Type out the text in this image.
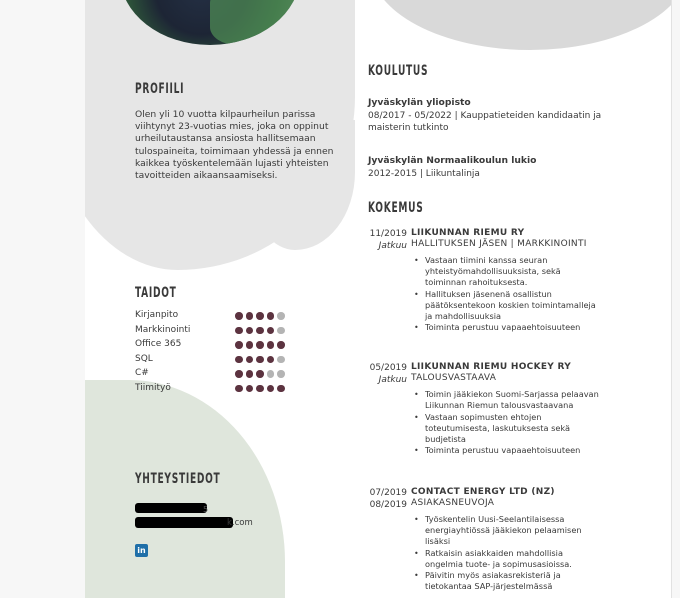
PROFIILI
Olen yli 10 vuotta kilpaurheilun parissa viihtynyt 23-vuotias mies, joka on oppinut urheilutaustansa ansiosta hallitsemaan tulospaineita, toimimaan yhdessä ja ennen kaikkea työskentelemään lujasti yhteisten tavoitteiden aikaansaamiseksi.
TAIDOT
Kirjanpito
Markkinointi
Office 365
SQL
C#
Tiimityö
YHTEYSTIEDOT
5
k.com
in
KOULUTUS
Jyväskylän yliopisto
08/2017 - 05/2022 | Kauppatieteiden kandidaatin ja maisterin tutkinto
Jyväskylän Normaalikoulun lukio
2012-2015 | Liikuntalinja
KOKEMUS
11/2019
Jatkuu
LIIKUNNAN RIEMU RY
HALLITUKSEN JÄSEN | MARKKINOINTI
• Vastaan tiimini kanssa seuran yhteistyömahdollisuuksista, sekä toiminnan rahoituksesta.
• Hallituksen jäsenenä osallistun päätöksentekoon koskien toimintamalleja ja mahdollisuuksia
• Toiminta perustuu vapaaehtoisuuteen
05/2019
Jatkuu
LIIKUNNAN RIEMU HOCKEY RY
TALOUSVASTAAVA
• Toimin jääkiekon Suomi-Sarjassa pelaavan Liikunnan Riemun talousvastaavana
• Vastaan sopimusten ehtojen toteutumisesta, laskutuksesta sekä budjetista
• Toiminta perustuu vapaaehtoisuuteen
07/2019
08/2019
CONTACT ENERGY LTD (NZ)
ASIAKASNEUVOJA
• Työskentelin Uusi-Seelantilaisessa energiayhtiössä jääkiekon pelaamisen lisäksi
• Ratkaisin asiakkaiden mahdollisia ongelmia tuote- ja sopimusasioissa.
• Päivitin myös asiakasrekisteriä ja tietokantaa SAP-järjestelmässä
